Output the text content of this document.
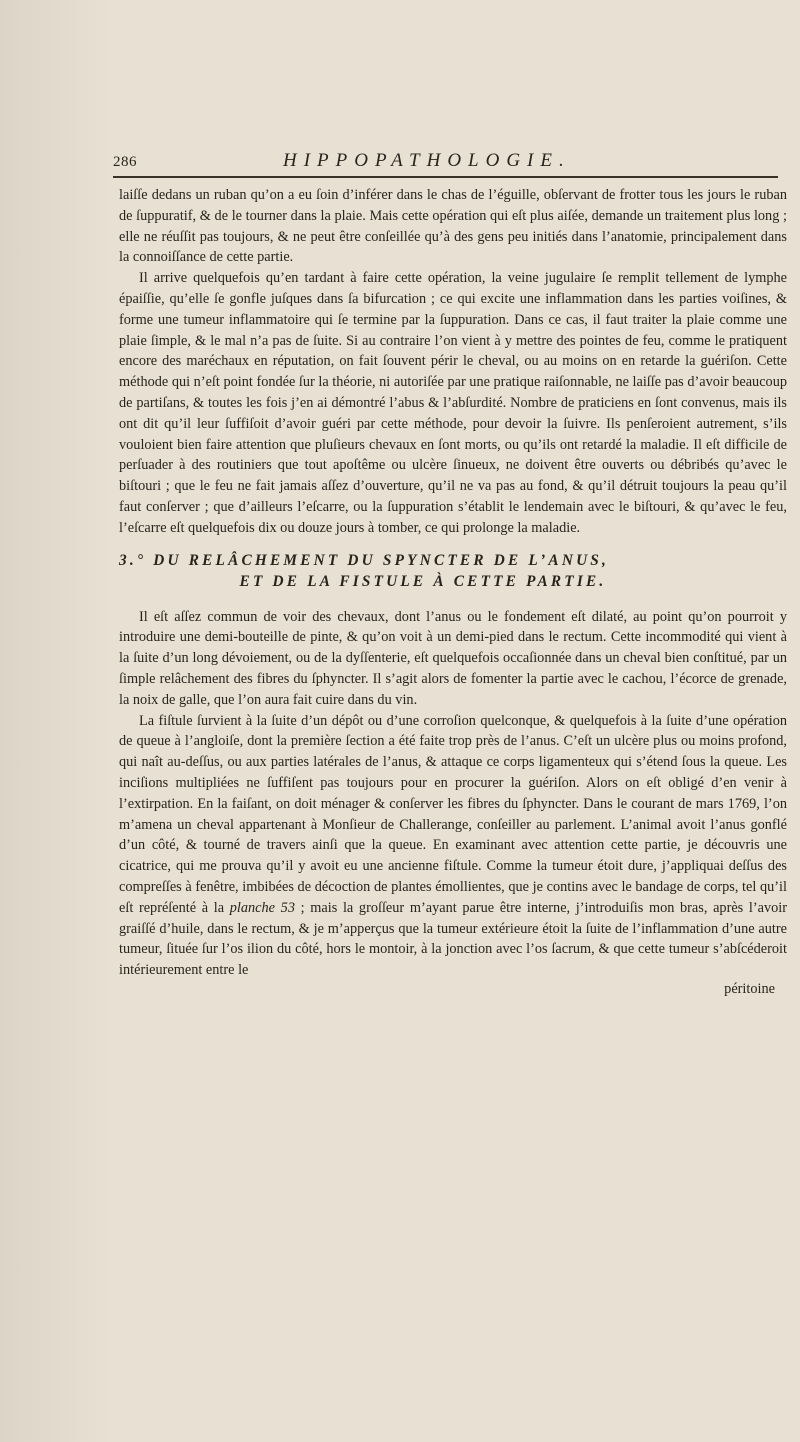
286	HIPPOPATHOLOGIE.

laiſſe dedans un ruban qu’on a eu ſoin d’inférer dans le chas de l’éguille, obſervant de frotter tous les jours le ruban de ſuppuratif, & de le tourner dans la plaie. Mais cette opération qui eſt plus aiſée, demande un traitement plus long ; elle ne réuſſit pas toujours, & ne peut être conſeillée qu’à des gens peu initiés dans l’anatomie, principalement dans la connoiſſance de cette partie.

Il arrive quelquefois qu’en tardant à faire cette opération, la veine jugulaire ſe remplit tellement de lymphe épaiſſie, qu’elle ſe gonfle juſques dans ſa bifurcation ; ce qui excite une inflammation dans les parties voiſines, & forme une tumeur inflammatoire qui ſe termine par la ſuppuration. Dans ce cas, il faut traiter la plaie comme une plaie ſimple, & le mal n’a pas de ſuite. Si au contraire l’on vient à y mettre des pointes de feu, comme le pratiquent encore des maréchaux en réputation, on fait ſouvent périr le cheval, ou au moins on en retarde la guériſon. Cette méthode qui n’eſt point fondée ſur la théorie, ni autoriſée par une pratique raiſonnable, ne laiſſe pas d’avoir beaucoup de partiſans, & toutes les fois j’en ai démontré l’abus & l’abſurdité. Nombre de praticiens en ſont convenus, mais ils ont dit qu’il leur ſuffiſoit d’avoir guéri par cette méthode, pour devoir la ſuivre. Ils penſeroient autrement, s’ils vouloient bien faire attention que pluſieurs chevaux en ſont morts, ou qu’ils ont retardé la maladie. Il eſt difficile de perſuader à des routiniers que tout apoſtême ou ulcère ſinueux, ne doivent être ouverts ou débribés qu’avec le biſtouri ; que le feu ne fait jamais aſſez d’ouverture, qu’il ne va pas au fond, & qu’il détruit toujours la peau qu’il faut conſerver ; que d’ailleurs l’eſcarre, ou la ſuppuration s’établit le lendemain avec le biſtouri, & qu’avec le feu, l’eſcarre eſt quelquefois dix ou douze jours à tomber, ce qui prolonge la maladie.

3.° DU RELÂCHEMENT DU SPYNCTER DE L’ANUS,
ET DE LA FISTULE À CETTE PARTIE.

Il eſt aſſez commun de voir des chevaux, dont l’anus ou le fondement eſt dilaté, au point qu’on pourroit y introduire une demi-bouteille de pinte, & qu’on voit à un demi-pied dans le rectum. Cette incommodité qui vient à la ſuite d’un long dévoiement, ou de la dyſſenterie, eſt quelquefois occaſionnée dans un cheval bien conſtitué, par un ſimple relâchement des fibres du ſphyncter. Il s’agit alors de fomenter la partie avec le cachou, l’écorce de grenade, la noix de galle, que l’on aura fait cuire dans du vin.

La fiſtule ſurvient à la ſuite d’un dépôt ou d’une corroſion quelconque, & quelquefois à la ſuite d’une opération de queue à l’angloiſe, dont la première ſection a été faite trop près de l’anus. C’eſt un ulcère plus ou moins profond, qui naît au-deſſus, ou aux parties latérales de l’anus, & attaque ce corps ligamenteux qui s’étend ſous la queue. Les inciſions multipliées ne ſuffiſent pas toujours pour en procurer la guériſon. Alors on eſt obligé d’en venir à l’extirpation. En la faiſant, on doit ménager & conſerver les fibres du ſphyncter. Dans le courant de mars 1769, l’on m’amena un cheval appartenant à Monſieur de Challerange, conſeiller au parlement. L’animal avoit l’anus gonflé d’un côté, & tourné de travers ainſi que la queue. En examinant avec attention cette partie, je découvris une cicatrice, qui me prouva qu’il y avoit eu une ancienne fiſtule. Comme la tumeur étoit dure, j’appliquai deſſus des compreſſes à fenêtre, imbibées de décoction de plantes émollientes, que je contins avec le bandage de corps, tel qu’il eſt repréſenté à la planche 53 ; mais la groſſeur m’ayant parue être interne, j’introduiſis mon bras, après l’avoir graiſſé d’huile, dans le rectum, & je m’apperçus que la tumeur extérieure étoit la ſuite de l’inflammation d’une autre tumeur, ſituée ſur l’os ilion du côté, hors le montoir, à la jonction avec l’os ſacrum, & que cette tumeur s’abſcéderoit intérieurement entre le

péritoine
